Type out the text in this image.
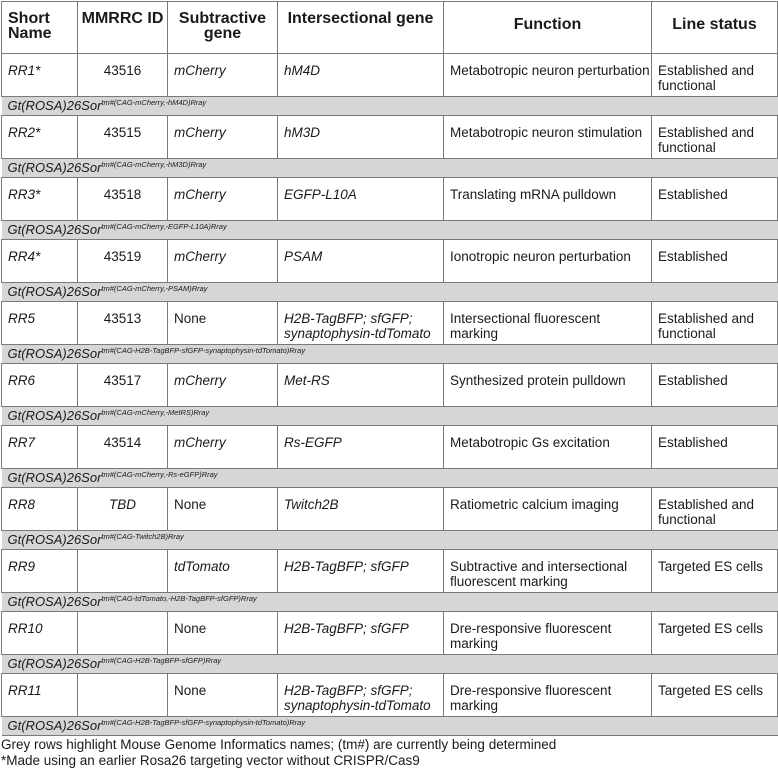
Short Name	MMRRC ID	Subtractive gene	Intersectional gene	Function	Line status
RR1*	43516	mCherry	hM4D	Metabotropic neuron perturbation	Established and functional
Gt(ROSA)26Sor$^{tm\#(CAG-mCherry,-hM4D)Rray}$
RR2*	43515	mCherry	hM3D	Metabotropic neuron stimulation	Established and functional
Gt(ROSA)26Sor$^{tm\#(CAG-mCherry,-hM3D)Rray}$
RR3*	43518	mCherry	EGFP-L10A	Translating mRNA pulldown	Established
Gt(ROSA)26Sor$^{tm\#(CAG-mCherry,-EGFP-L10A)Rray}$
RR4*	43519	mCherry	PSAM	Ionotropic neuron perturbation	Established
Gt(ROSA)26Sor$^{tm\#(CAG-mCherry,-PSAM)Rray}$
RR5	43513	None	H2B-TagBFP; sfGFP; synaptophysin-tdTomato	Intersectional fluorescent marking	Established and functional
Gt(ROSA)26Sor$^{tm\#(CAG-H2B-TagBFP-sfGFP-synaptophysin-tdTomato)Rray}$
RR6	43517	mCherry	Met-RS	Synthesized protein pulldown	Established
Gt(ROSA)26Sor$^{tm\#(CAG-mCherry,-MetRS)Rray}$
RR7	43514	mCherry	Rs-EGFP	Metabotropic Gs excitation	Established
Gt(ROSA)26Sor$^{tm\#(CAG-mCherry,-Rs-eGFP)Rray}$
RR8	TBD	None	Twitch2B	Ratiometric calcium imaging	Established and functional
Gt(ROSA)26Sor$^{tm\#(CAG-Twitch2B)Rray}$
RR9		tdTomato	H2B-TagBFP; sfGFP	Subtractive and intersectional fluorescent marking	Targeted ES cells
Gt(ROSA)26Sor$^{tm\#(CAG-tdTomato,-H2B-TagBFP-sfGFP)Rray}$
RR10		None	H2B-TagBFP; sfGFP	Dre-responsive fluorescent marking	Targeted ES cells
Gt(ROSA)26Sor$^{tm\#(CAG-H2B-TagBFP-sfGFP)Rray}$
RR11		None	H2B-TagBFP; sfGFP; synaptophysin-tdTomato	Dre-responsive fluorescent marking	Targeted ES cells
Gt(ROSA)26Sor$^{tm\#(CAG-H2B-TagBFP-sfGFP-synaptophysin-tdTomato)Rray}$
Grey rows highlight Mouse Genome Informatics names; (tm#) are currently being determined
*Made using an earlier Rosa26 targeting vector without CRISPR/Cas9
